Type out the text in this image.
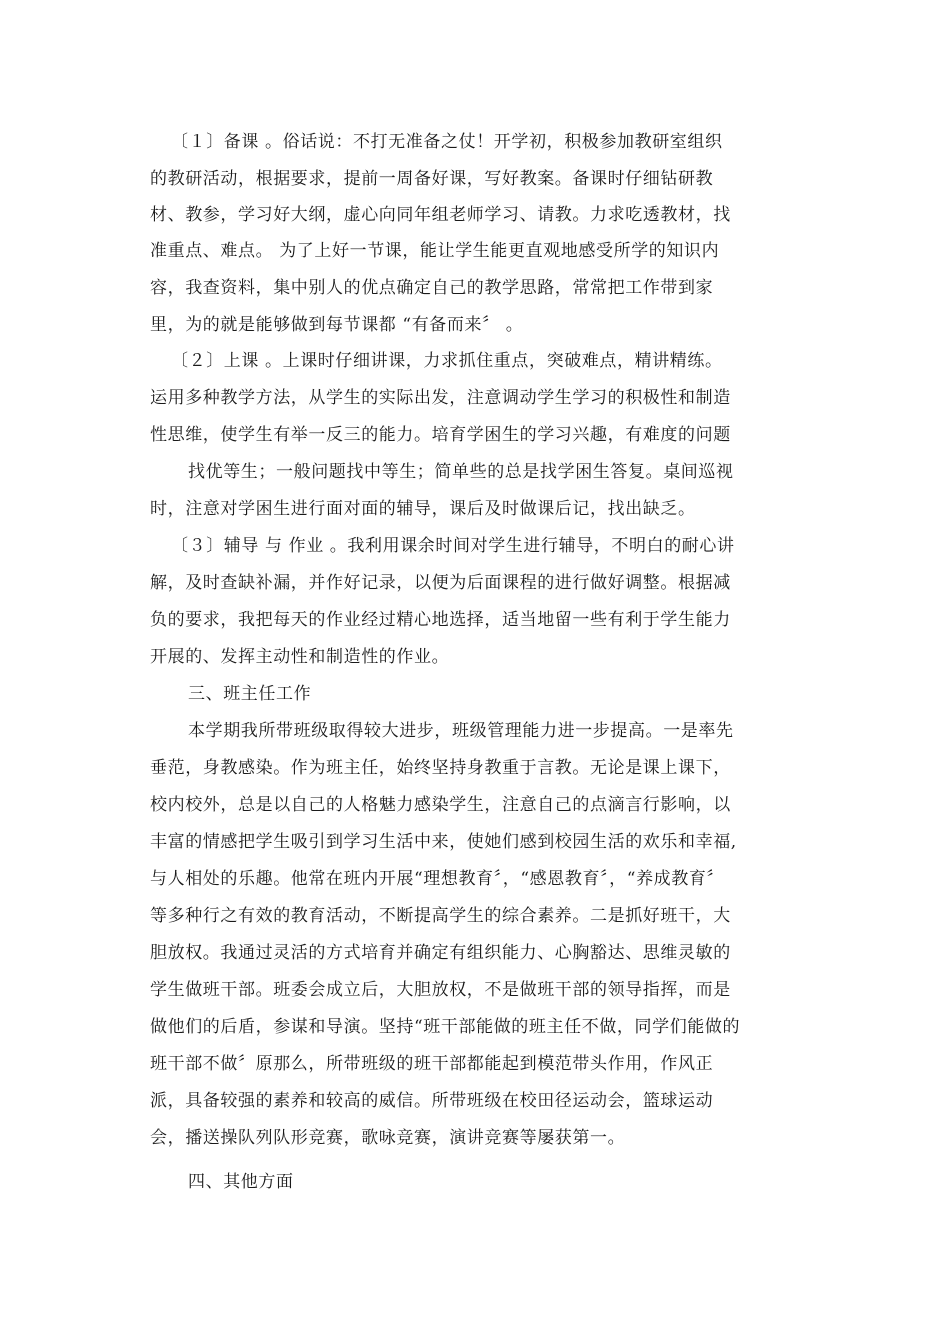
〔１〕备课 。俗话说：不打无准备之仗！开学初，积极参加教研室组织
的教研活动，根据要求，提前一周备好课，写好教案。备课时仔细钻研教
材、教参，学习好大纲，虚心向同年组老师学习、请教。力求吃透教材，找
准重点、难点。 为了上好一节课，能让学生能更直观地感受所学的知识内
容，我查资料，集中别人的优点确定自己的教学思路，常常把工作带到家
里，为的就是能够做到每节课都 “有备而来〞 。
〔２〕上课 。上课时仔细讲课，力求抓住重点，突破难点，精讲精练。
运用多种教学方法，从学生的实际出发，注意调动学生学习的积极性和制造
性思维，使学生有举一反三的能力。培育学困生的学习兴趣，有难度的问题
找优等生；一般问题找中等生；简单些的总是找学困生答复。桌间巡视
时，注意对学困生进行面对面的辅导，课后及时做课后记，找出缺乏。
〔３〕辅导 与 作业 。我利用课余时间对学生进行辅导，不明白的耐心讲
解，及时查缺补漏，并作好记录，以便为后面课程的进行做好调整。根据减
负的要求，我把每天的作业经过精心地选择，适当地留一些有利于学生能力
开展的、发挥主动性和制造性的作业。
三、班主任工作
本学期我所带班级取得较大进步，班级管理能力进一步提高。一是率先
垂范，身教感染。作为班主任，始终坚持身教重于言教。无论是课上课下，
校内校外，总是以自己的人格魅力感染学生，注意自己的点滴言行影响，以
丰富的情感把学生吸引到学习生活中来，使她们感到校园生活的欢乐和幸福,
与人相处的乐趣。他常在班内开展“理想教育〞，“感恩教育〞，“养成教育〞
等多种行之有效的教育活动，不断提高学生的综合素养。二是抓好班干，大
胆放权。我通过灵活的方式培育并确定有组织能力、心胸豁达、思维灵敏的
学生做班干部。班委会成立后，大胆放权，不是做班干部的领导指挥，而是
做他们的后盾，参谋和导演。坚持“班干部能做的班主任不做，同学们能做的
班干部不做〞原那么，所带班级的班干部都能起到模范带头作用，作风正
派，具备较强的素养和较高的威信。所带班级在校田径运动会，篮球运动
会，播送操队列队形竞赛，歌咏竞赛，演讲竞赛等屡获第一。
四、其他方面
